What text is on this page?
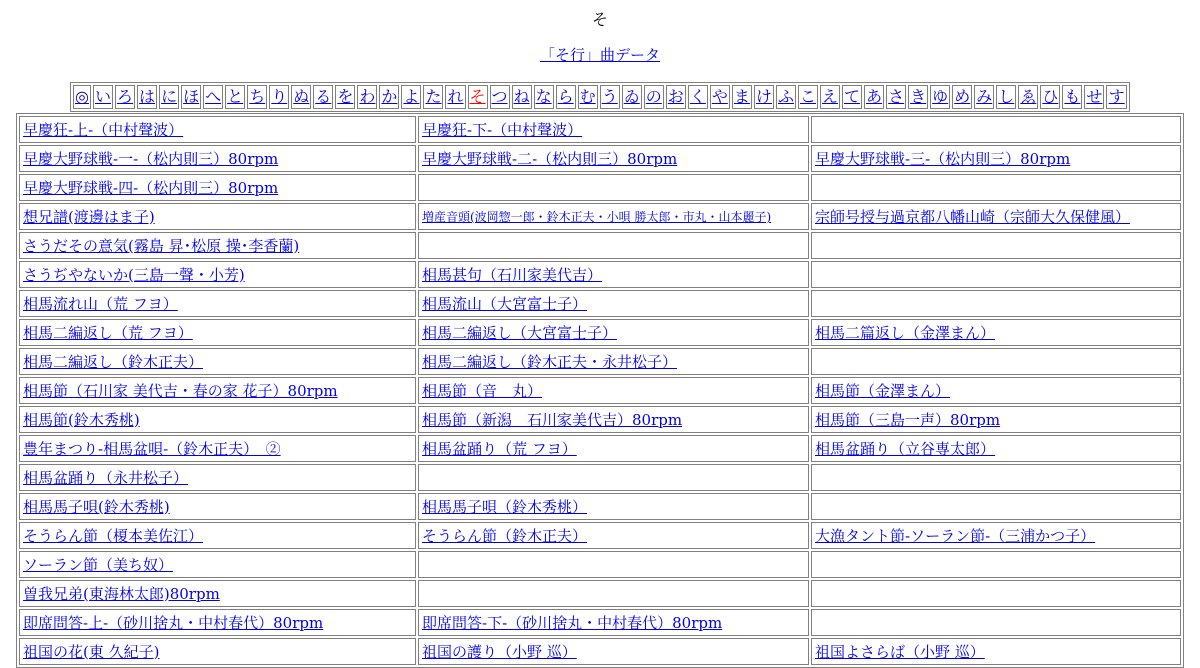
そ
「そ行」曲データ
◎	い	ろ	は	に	ほ	へ	と	ち	り	ぬ	る	を	わ	か	よ	た	れ	そ	つ	ね	な	ら	む	う	ゐ	の	お	く	や	ま	け	ふ	こ	え	て	あ	さ	き	ゆ	め	み	し	ゑ	ひ	も	せ	す
早慶狂-上-（中村聲波）	早慶狂-下-（中村聲波）	
早慶大野球戦-一-（松内則三）80rpm	早慶大野球戦-二-（松内則三）80rpm	早慶大野球戦-三-（松内則三）80rpm
早慶大野球戦-四-（松内則三）80rpm		
想兄譜(渡邊はま子)	増産音頭(波岡惣一郎・鈴木正夫・小唄 勝太郎・市丸・山本麗子)	宗師号授与過京都八幡山崎（宗師大久保健風）
さうだその意気(霧島 昇･松原 操･李香蘭)		
さうぢやないか(三島一聲・小芳)	相馬甚句（石川家美代吉）	
相馬流れ山（荒 フヨ）	相馬流山（大宮富士子）	
相馬二編返し（荒 フヨ）	相馬二編返し（大宮富士子）	相馬二篇返し（金澤まん）
相馬二編返し（鈴木正夫）	相馬二編返し（鈴木正夫・永井松子）	
相馬節（石川家 美代吉・春の家 花子）80rpm	相馬節（音　丸）	相馬節（金澤まん）
相馬節(鈴木秀桃)	相馬節（新潟　石川家美代吉）80rpm	相馬節（三島一声）80rpm
豊年まつり-相馬盆唄-（鈴木正夫）　②	相馬盆踊り（荒 フヨ）	相馬盆踊り（立谷専太郎）
相馬盆踊り（永井松子）		
相馬馬子唄(鈴木秀桃)	相馬馬子唄（鈴木秀桃）	
そうらん節（榎本美佐江）	そうらん節（鈴木正夫）	大漁タント節-ソーラン節-（三浦かつ子）
ソーラン節（美ち奴）		
曽我兄弟(東海林太郎)80rpm		
即席問答-上-（砂川捨丸・中村春代）80rpm	即席問答-下-（砂川捨丸・中村春代）80rpm	
祖国の花(東 久紀子)	祖国の護り（小野 巡）	祖国よさらば（小野 巡）
